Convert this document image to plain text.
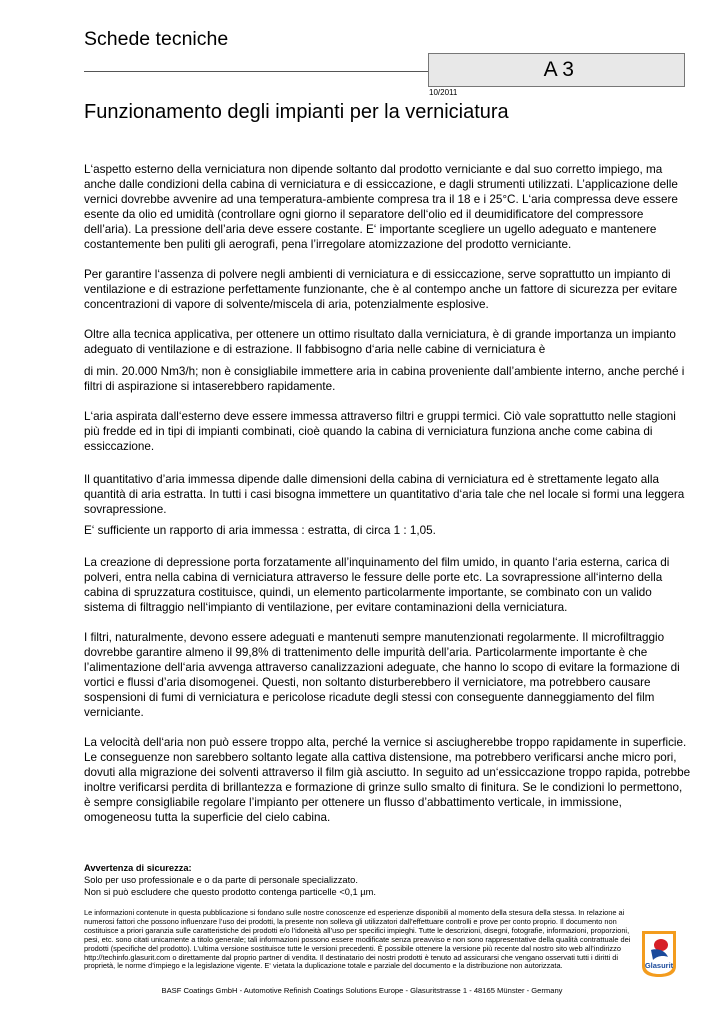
Schede tecniche
A 3
10/2011
Funzionamento degli impianti per la verniciatura

L‘aspetto esterno della verniciatura non dipende soltanto dal prodotto verniciante e dal suo corretto impiego, ma anche dalle condizioni della cabina di verniciatura e di essiccazione, e dagli strumenti utilizzati. L’applicazione delle vernici dovrebbe avvenire ad una temperatura-ambiente compresa tra il 18 e i 25°C. L‘aria compressa deve essere esente da olio ed umidità (controllare ogni giorno il separatore dell‘olio ed il deumidificatore del compressore dell’aria). La pressione dell’aria deve essere costante. E‘ importante scegliere un ugello adeguato e mantenere costantemente ben puliti gli aerografi, pena l’irregolare atomizzazione del prodotto verniciante.

Per garantire l‘assenza di polvere negli ambienti di verniciatura e di essiccazione, serve soprattutto un impianto di ventilazione e di estrazione perfettamente funzionante, che è al contempo anche un fattore di sicurezza per evitare concentrazioni di vapore di solvente/miscela di aria, potenzialmente esplosive.

Oltre alla tecnica applicativa, per ottenere un ottimo risultato dalla verniciatura, è di grande importanza un impianto adeguato di ventilazione e di estrazione. Il fabbisogno d‘aria nelle cabine di verniciatura è

di min. 20.000 Nm3/h; non è consigliabile immettere aria in cabina proveniente dall’ambiente interno, anche perché i filtri di aspirazione si intaserebbero rapidamente.

L‘aria aspirata dall‘esterno deve essere immessa attraverso filtri e gruppi termici. Ciò vale soprattutto nelle stagioni più fredde ed in tipi di impianti combinati, cioè quando la cabina di verniciatura funziona anche come cabina di essiccazione.

Il quantitativo d’aria immessa dipende dalle dimensioni della cabina di verniciatura ed è strettamente legato alla quantità di aria estratta. In tutti i casi bisogna immettere un quantitativo d‘aria tale che nel locale si formi una leggera sovrapressione.

E‘ sufficiente un rapporto di aria immessa : estratta, di circa 1 : 1,05.

La creazione di depressione porta forzatamente all’inquinamento del film umido, in quanto l‘aria esterna, carica di polveri, entra nella cabina di verniciatura attraverso le fessure delle porte etc. La sovrapressione all‘interno della cabina di spruzzatura costituisce, quindi, un elemento particolarmente importante, se combinato con un valido sistema di filtraggio nell‘impianto di ventilazione, per evitare contaminazioni della verniciatura.

I filtri, naturalmente, devono essere adeguati e mantenuti sempre manutenzionati regolarmente. Il microfiltraggio dovrebbe garantire almeno il 99,8% di trattenimento delle impurità dell’aria. Particolarmente importante è che l’alimentazione dell‘aria avvenga attraverso canalizzazioni adeguate, che hanno lo scopo di evitare la formazione di vortici e flussi d’aria disomogenei. Questi, non soltanto disturberebbero il verniciatore, ma potrebbero causare sospensioni di fumi di verniciatura e pericolose ricadute degli stessi con conseguente danneggiamento del film verniciante.

La velocità dell‘aria non può essere troppo alta, perché la vernice si asciugherebbe troppo rapidamente in superficie. Le conseguenze non sarebbero soltanto legate alla cattiva distensione, ma potrebbero verificarsi anche micro pori, dovuti alla migrazione dei solventi attraverso il film già asciutto. In seguito ad un‘essiccazione troppo rapida, potrebbe inoltre verificarsi perdita di brillantezza e formazione di grinze sullo smalto di finitura. Se le condizioni lo permettono, è sempre consigliabile regolare l’impianto per ottenere un flusso d’abbattimento verticale, in immissione, omogeneosu tutta la superficie del cielo cabina.

Avvertenza di sicurezza:
Solo per uso professionale e o da parte di personale specializzato.
Non si può escludere che questo prodotto contenga particelle <0,1 µm.
Le informazioni contenute in questa pubblicazione si fondano sulle nostre conoscenze ed esperienze disponibili al momento della stesura della stessa. In relazione ai numerosi fattori che possono influenzare l’uso dei prodotti, la presente non solleva gli utilizzatori dall’effettuare controlli e prove per conto proprio. Il documento non costituisce a priori garanzia sulle caratteristiche dei prodotti e/o l’idoneità all’uso per specifici impieghi. Tutte le descrizioni, disegni, fotografie, informazioni, proporzioni, pesi, etc. sono citati unicamente a titolo generale; tali informazioni possono essere modificate senza preavviso e non sono rappresentative della qualità contrattuale dei prodotti (specifiche del prodotto). L’ultima versione sostituisce tutte le versioni precedenti. È possibile ottenere la versione più recente dal nostro sito web all’indirizzo http://techinfo.glasurit.com o direttamente dal proprio partner di vendita. Il destinatario dei nostri prodotti è tenuto ad assicurarsi che vengano osservati tutti i diritti di proprietà, le norme d’impiego e la legislazione vigente. E‘ vietata la duplicazione totale e parziale del documento e la distribuzione non autorizzata.	Glasurit
BASF Coatings GmbH - Automotive Refinish Coatings Solutions Europe - Glasuritstrasse 1 - 48165 Münster - Germany
